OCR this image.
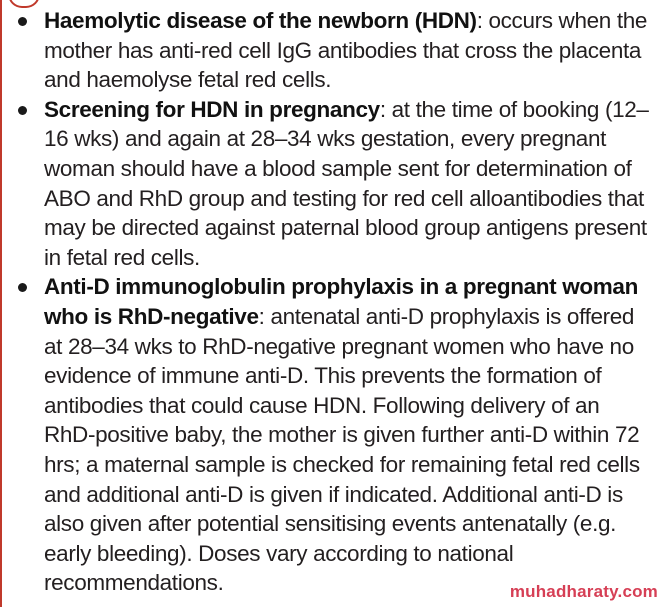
Haemolytic disease of the newborn (HDN): occurs when the mother has anti-red cell IgG antibodies that cross the placenta and haemolyse fetal red cells.
Screening for HDN in pregnancy: at the time of booking (12–16 wks) and again at 28–34 wks gestation, every pregnant woman should have a blood sample sent for determination of ABO and RhD group and testing for red cell alloantibodies that may be directed against paternal blood group antigens present in fetal red cells.
Anti-D immunoglobulin prophylaxis in a pregnant woman who is RhD-negative: antenatal anti-D prophylaxis is offered at 28–34 wks to RhD-negative pregnant women who have no evidence of immune anti-D. This prevents the formation of antibodies that could cause HDN. Following delivery of an RhD-positive baby, the mother is given further anti-D within 72 hrs; a maternal sample is checked for remaining fetal red cells and additional anti-D is given if indicated. Additional anti-D is also given after potential sensitising events antenatally (e.g. early bleeding). Doses vary according to national recommendations.	muhadharaty.com
